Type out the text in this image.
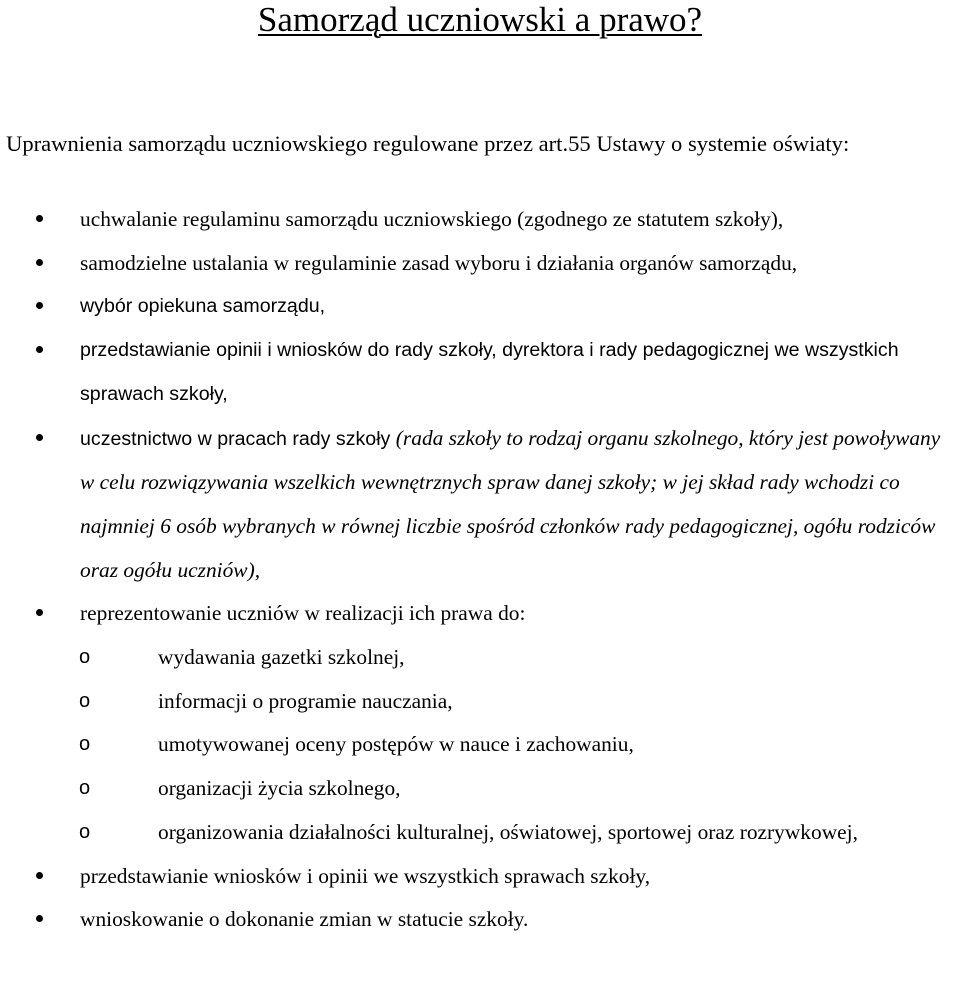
Samorząd uczniowski a prawo?

Uprawnienia samorządu uczniowskiego regulowane przez art.55 Ustawy o systemie oświaty:

uchwalanie regulaminu samorządu uczniowskiego (zgodnego ze statutem szkoły),
samodzielne ustalania w regulaminie zasad wyboru i działania organów samorządu,
wybór opiekuna samorządu,
przedstawianie opinii i wniosków do rady szkoły, dyrektora i rady pedagogicznej we wszystkich sprawach szkoły,
uczestnictwo w pracach rady szkoły (rada szkoły to rodzaj organu szkolnego, który jest powoływany w celu rozwiązywania wszelkich wewnętrznych spraw danej szkoły; w jej skład rady wchodzi co najmniej 6 osób wybranych w równej liczbie spośród członków rady pedagogicznej, ogółu rodziców oraz ogółu uczniów),
reprezentowanie uczniów w realizacji ich prawa do:
o	wydawania gazetki szkolnej,
o	informacji o programie nauczania,
o	umotywowanej oceny postępów w nauce i zachowaniu,
o	organizacji życia szkolnego,
o	organizowania działalności kulturalnej, oświatowej, sportowej oraz rozrywkowej,
przedstawianie wniosków i opinii we wszystkich sprawach szkoły,
wnioskowanie o dokonanie zmian w statucie szkoły.
